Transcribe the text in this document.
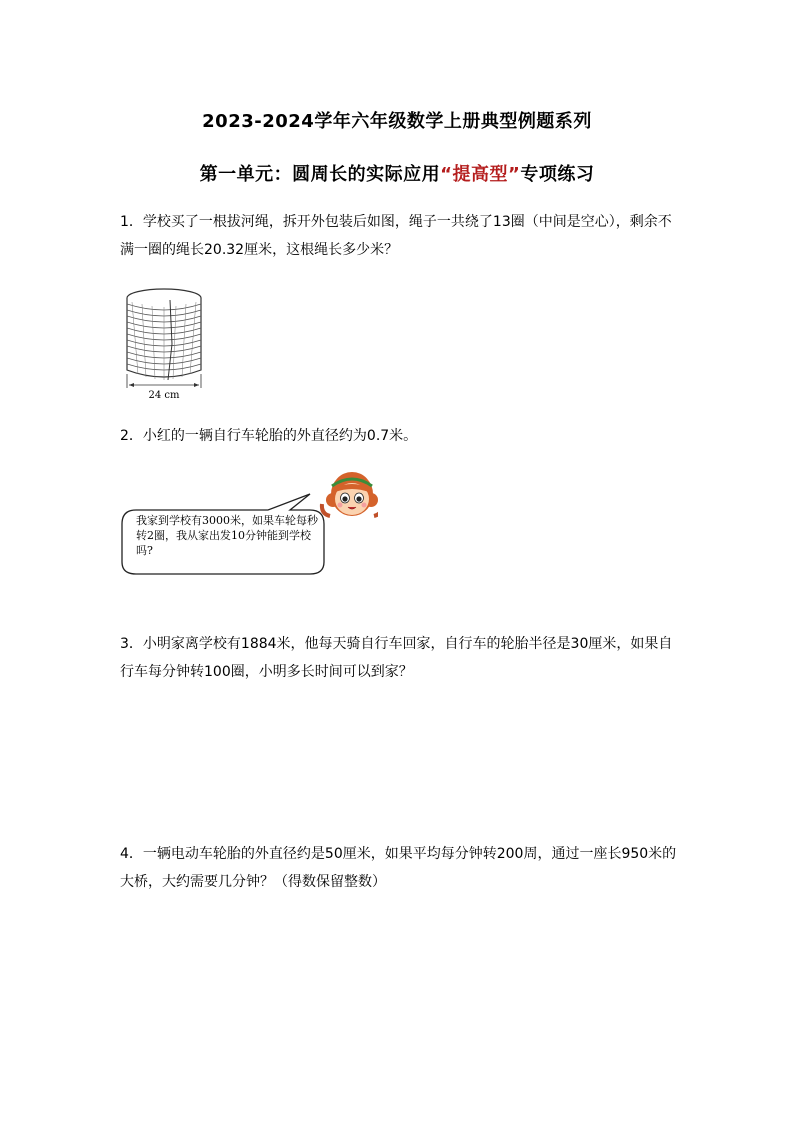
2023-2024学年六年级数学上册典型例题系列
第一单元：圆周长的实际应用“提高型”专项练习
1．学校买了一根拔河绳，拆开外包装后如图，绳子一共绕了13圈（中间是空心），剩余不满一圈的绳长20.32厘米，这根绳长多少米？
24 cm
2．小红的一辆自行车轮胎的外直径约为0.7米。
我家到学校有3000米，如果车轮每秒转2圈，我从家出发10分钟能到学校吗?
3．小明家离学校有1884米，他每天骑自行车回家，自行车的轮胎半径是30厘米，如果自行车每分钟转100圈，小明多长时间可以到家？
4．一辆电动车轮胎的外直径约是50厘米，如果平均每分钟转200周，通过一座长950米的大桥，大约需要几分钟？（得数保留整数）
